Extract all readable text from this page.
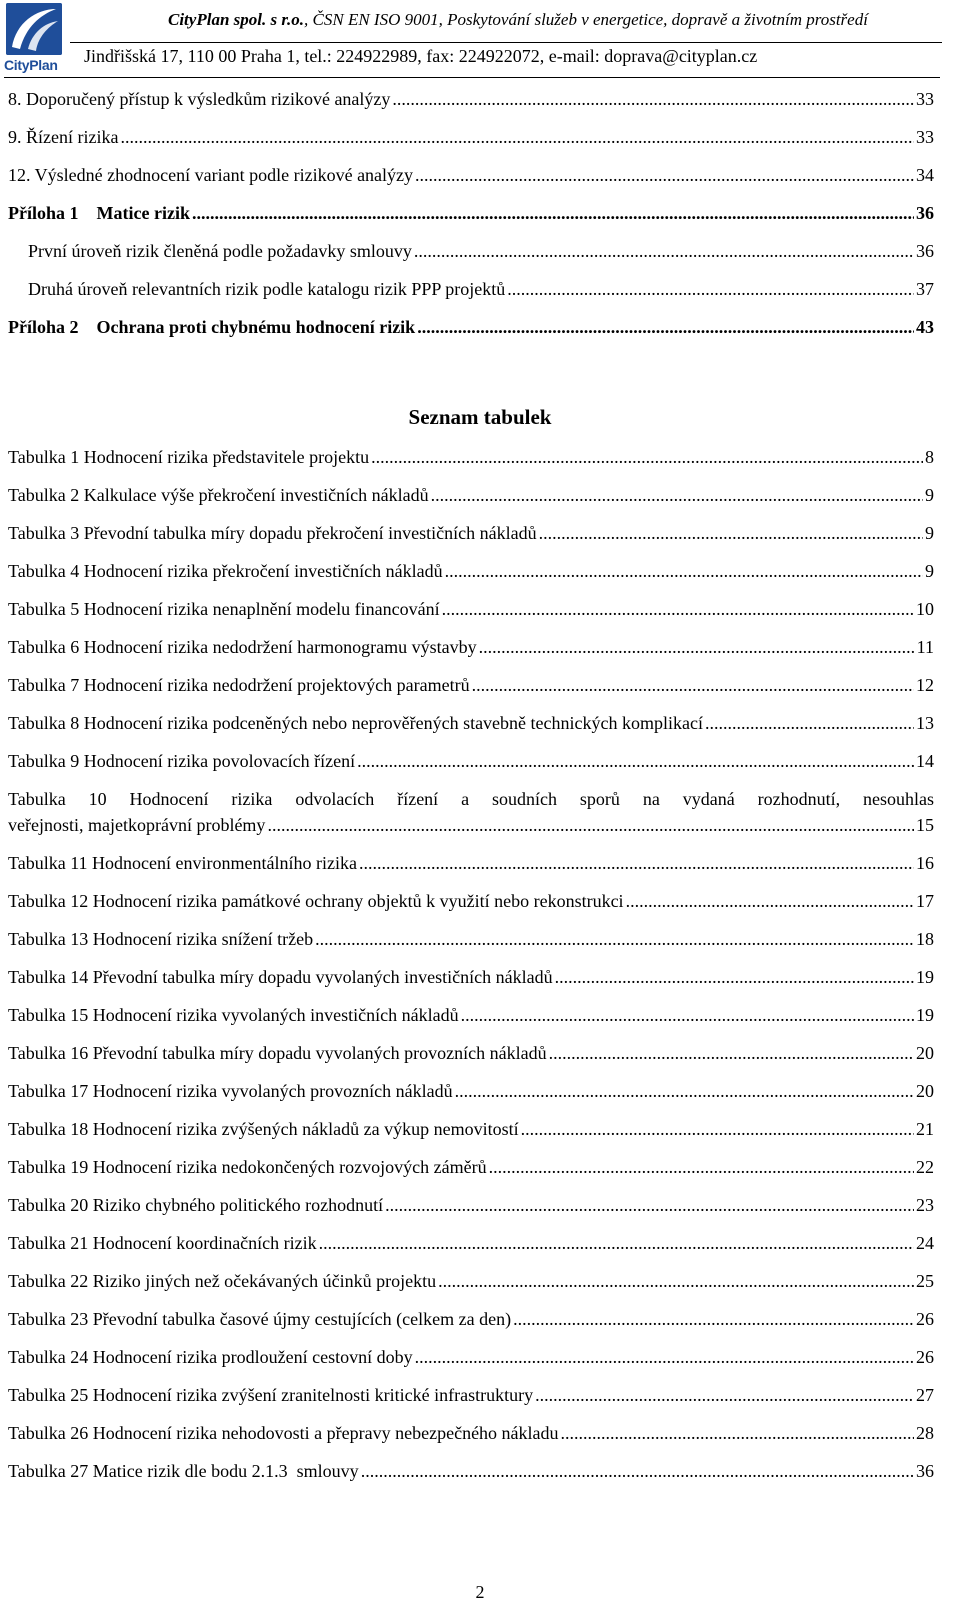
CityPlan
CityPlan spol. s r.o., ČSN EN ISO 9001, Poskytování služeb v energetice, dopravě a životním prostředí
Jindřišská 17, 110 00 Praha 1, tel.: 224922989, fax: 224922072, e-mail: doprava@cityplan.cz
8. Doporučený přístup k výsledkům rizikové analýzy .....	33
9. Řízení rizika .....	33
12. Výsledné zhodnocení variant podle rizikové analýzy .....	34
Příloha 1    Matice rizik .....	36
První úroveň rizik členěná podle požadavky smlouvy .....	36
Druhá úroveň relevantních rizik podle katalogu rizik PPP projektů .....	37
Příloha 2    Ochrana proti chybnému hodnocení rizik .....	43
Seznam tabulek
Tabulka 1 Hodnocení rizika představitele projektu .....	8
Tabulka 2 Kalkulace výše překročení investičních nákladů .....	9
Tabulka 3 Převodní tabulka míry dopadu překročení investičních nákladů .....	9
Tabulka 4 Hodnocení rizika překročení investičních nákladů .....	9
Tabulka 5 Hodnocení rizika nenaplnění modelu financování .....	10
Tabulka 6 Hodnocení rizika nedodržení harmonogramu výstavby .....	11
Tabulka 7 Hodnocení rizika nedodržení projektových parametrů .....	12
Tabulka 8 Hodnocení rizika podceněných nebo neprověřených stavebně technických komplikací .....	13
Tabulka 9 Hodnocení rizika povolovacích řízení .....	14
Tabulka 10 Hodnocení rizika odvolacích řízení a soudních sporů na vydaná rozhodnutí, nesouhlas
veřejnosti, majetkoprávní problémy .....	15
Tabulka 11 Hodnocení environmentálního rizika .....	16
Tabulka 12 Hodnocení rizika památkové ochrany objektů k využití nebo rekonstrukci .....	17
Tabulka 13 Hodnocení rizika snížení tržeb .....	18
Tabulka 14 Převodní tabulka míry dopadu vyvolaných investičních nákladů .....	19
Tabulka 15 Hodnocení rizika vyvolaných investičních nákladů .....	19
Tabulka 16 Převodní tabulka míry dopadu vyvolaných provozních nákladů .....	20
Tabulka 17 Hodnocení rizika vyvolaných provozních nákladů .....	20
Tabulka 18 Hodnocení rizika zvýšených nákladů za výkup nemovitostí .....	21
Tabulka 19 Hodnocení rizika nedokončených rozvojových záměrů .....	22
Tabulka 20 Riziko chybného politického rozhodnutí .....	23
Tabulka 21 Hodnocení koordinačních rizik .....	24
Tabulka 22 Riziko jiných než očekávaných účinků projektu .....	25
Tabulka 23 Převodní tabulka časové újmy cestujících (celkem za den) .....	26
Tabulka 24 Hodnocení rizika prodloužení cestovní doby .....	26
Tabulka 25 Hodnocení rizika zvýšení zranitelnosti kritické infrastruktury .....	27
Tabulka 26 Hodnocení rizika nehodovosti a přepravy nebezpečného nákladu .....	28
Tabulka 27 Matice rizik dle bodu 2.1.3  smlouvy .....	36
2
